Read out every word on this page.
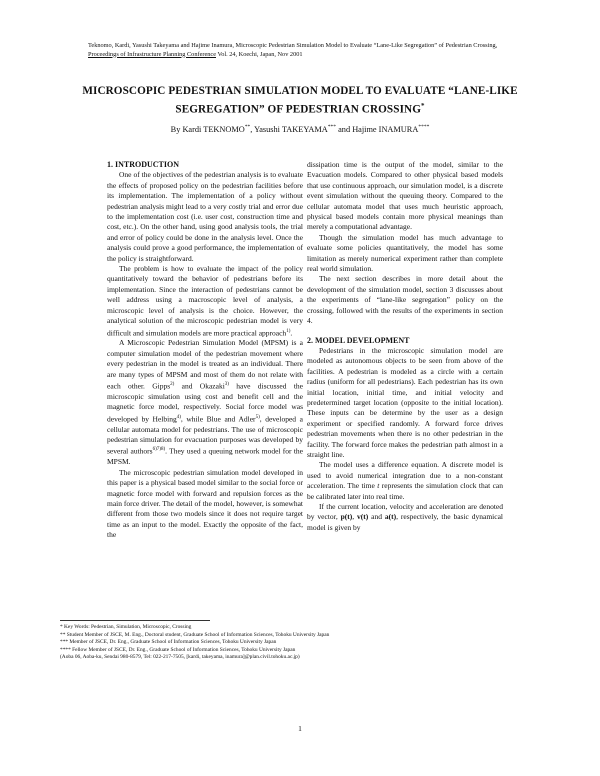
Teknomo, Kardi, Yasushi Takeyama and Hajime Inamura, Microscopic Pedestrian Simulation Model to Evaluate “Lane-Like Segregation” of Pedestrian Crossing, Proceedings of Infrastructure Planning Conference Vol. 24, Koechi, Japan, Nov 2001
MICROSCOPIC PEDESTRIAN SIMULATION MODEL TO EVALUATE “LANE-LIKE
SEGREGATION” OF PEDESTRIAN CROSSING*
By Kardi TEKNOMO**, Yasushi TAKEYAMA*** and Hajime INAMURA****

1. INTRODUCTION

One of the objectives of the pedestrian analysis is to evaluate the effects of proposed policy on the pedestrian facilities before its implementation. The implementation of a policy without pedestrian analysis might lead to a very costly trial and error due to the implementation cost (i.e. user cost, construction time and cost, etc.). On the other hand, using good analysis tools, the trial and error of policy could be done in the analysis level. Once the analysis could prove a good performance, the implementation of the policy is straightforward.

The problem is how to evaluate the impact of the policy quantitatively toward the behavior of pedestrians before its implementation. Since the interaction of pedestrians cannot be well address using a macroscopic level of analysis, a microscopic level of analysis is the choice. However, the analytical solution of the microscopic pedestrian model is very difficult and simulation models are more practical approach$^{1)}$.

A Microscopic Pedestrian Simulation Model (MPSM) is a computer simulation model of the pedestrian movement where every pedestrian in the model is treated as an individual. There are many types of MPSM and most of them do not relate with each other. Gipps$^{2)}$ and Okazaki$^{3)}$ have discussed the microscopic simulation using cost and benefit cell and the magnetic force model, respectively. Social force model was developed by Helbing$^{4)}$, while Blue and Adler$^{5)}$, developed a cellular automata model for pedestrians. The use of microscopic pedestrian simulation for evacuation purposes was developed by several authors$^{6)7)8)}$. They used a queuing network model for the MPSM.

The microscopic pedestrian simulation model developed in this paper is a physical based model similar to the social force or magnetic force model with forward and repulsion forces as the main force driver. The detail of the model, however, is somewhat different from those two models since it does not require target time as an input to the model. Exactly the opposite of the fact, the

dissipation time is the output of the model, similar to the Evacuation models. Compared to other physical based models that use continuous approach, our simulation model, is a discrete event simulation without the queuing theory. Compared to the cellular automata model that uses much heuristic approach, physical based models contain more physical meanings than merely a computational advantage.

Though the simulation model has much advantage to evaluate some policies quantitatively, the model has some limitation as merely numerical experiment rather than complete real world simulation.

The next section describes in more detail about the development of the simulation model, section 3 discusses about the experiments of “lane-like segregation” policy on the crossing, followed with the results of the experiments in section 4.

2. MODEL DEVELOPMENT

Pedestrians in the microscopic simulation model are modeled as autonomous objects to be seen from above of the facilities. A pedestrian is modeled as a circle with a certain radius (uniform for all pedestrians). Each pedestrian has its own initial location, initial time, and initial velocity and predetermined target location (opposite to the initial location). These inputs can be determine by the user as a design experiment or specified randomly. A forward force drives pedestrian movements when there is no other pedestrian in the facility. The forward force makes the pedestrian path almost in a straight line.

The model uses a difference equation. A discrete model is used to avoid numerical integration due to a non-constant acceleration. The time t represents the simulation clock that can be calibrated later into real time.

If the current location, velocity and acceleration are denoted by vector, p(t), v(t) and a(t), respectively, the basic dynamical model is given by

* Key Words: Pedestrian, Simulation, Microscopic, Crossing
** Student Member of JSCE, M. Eng., Doctoral student, Graduate School of Information Sciences, Tohoku University Japan
*** Member of JSCE, Dr. Eng., Graduate School of Information Sciences, Tohoku University Japan
**** Fellow Member of JSCE, Dr. Eng., Graduate School of Information Sciences, Tohoku University Japan
(Aoba 06, Aoba-ku, Sendai 980-8579, Tel: 022-217-7505, [kardi, takeyama, inamura]@plan.civil.tohoku.ac.jp)
1
